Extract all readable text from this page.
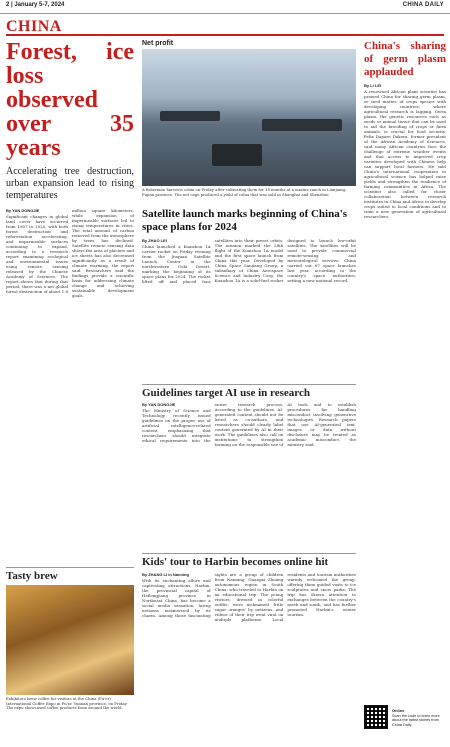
2 | January 5-7, 2024	CHINA DAILY
CHINA
Forest, ice loss observed over 35 years
Accelerating tree destruction, urban expansion lead to rising temperatures
By YAN DONGJIE

Significant changes in global land cover have occurred from 1987 to 2020, with both forest destruction and reforestation accelerating, and impermeable surfaces continuing to expand, according to a research report examining ecological and environmental issues using remote sensing released by the Chinese Academy of Sciences. The report shows that during that period, there was a net global forest destruction of about 1.8 million square kilometers, while expansion of impermeable surfaces led to rising temperatures in cities. The total amount of carbon removed from the atmosphere by trees has declined. Satellite remote sensing data shows the area of glaciers and ice sheets has also decreased significantly as a result of climate warming, the report said. Researchers said the findings provide a scientific basis for addressing climate change and achieving sustainable development goals.

Tasty brew
Exhibitors brew coffee for visitors at the China (Pu'er) International Coffee Expo in Pu'er, Yunnan province, on Friday. The expo showcased coffee products from around the world.
Net profit
A fisherman harvests cobia on Friday after cultivating them for 18 months at a marine ranch in Lianjiang, Fujian province. The net cage produced a yield of cobia that was sold in Shanghai and Shenzhen.
Satellite launch marks beginning of China's space plans for 2024
By ZHAO LEI

China launched a Kuaizhou 1A carrier rocket on Friday evening from the Jiuquan Satellite Launch Center in the northwestern Gobi Desert, marking the beginning of its space plans for 2024. The rocket lifted off and placed four satellites into their preset orbits. The mission marked the 28th flight of the Kuaizhou 1A model and the first space launch from China this year. Developed by China Space Sanjiang Group, a subsidiary of China Aerospace Science and Industry Corp, the Kuaizhou 1A is a solid-fuel rocket designed to launch low-orbit satellites. The satellites will be used to provide commercial remote-sensing and meteorological services. China carried out 67 space launches last year, according to the country's space authorities, setting a new national record.

Guidelines target AI use in research
By YAN DONGJIE

The Ministry of Science and Technology recently issued guidelines on the proper use of artificial intelligence-related content, emphasizing that researchers should integrate ethical requirements into the entire research process. According to the guidelines, AI-generated content should not be listed as co-authors, and researchers should clearly label content generated by AI in their work. The guidelines also call on institutions to strengthen training on the responsible use of AI tools and to establish procedures for handling misconduct involving generative technologies. Research papers that use AI-generated text, images or data without disclosure may be treated as academic misconduct, the ministry said.

Kids' tour to Harbin becomes online hit
By ZHANG LI in Nanning

With its enchanting allure and captivating attractions, Harbin, the provincial capital of Heilongjiang province in Northeast China, has become a social media sensation, luring netizens mesmerized by its charm. Among those fascinating sights are a group of children from Nanning, Guangxi Zhuang autonomous region in South China, who traveled to Harbin on an educational trip. The young visitors, dressed in colorful outfits, were nicknamed 'little sugar oranges' by netizens, and videos of their trip went viral on multiple platforms. Local residents and tourism authorities warmly welcomed the group, offering them guided visits to ice sculptures and snow parks. The trip has drawn attention to exchanges between the country's north and south, and has further promoted Harbin's winter tourism.

China's sharing of germ plasm applauded
By LI LEI

A renowned African plant scientist has praised China for sharing germ plasm, or seed matter, of crops species with developing countries, where agricultural research is lagging. Germ plasm, the genetic resources such as seeds or animal tissue that can be used to aid the breeding of crops or farm animals, is crucial for food security. Felix Dapare Dakora, former president of the African Academy of Sciences, said many African countries face the challenge of extreme weather events and that access to improved crop varieties developed with Chinese help can support local farmers. He said China's international cooperation in agricultural science has helped raise yields and strengthen the resilience of farming communities in Africa. The scientist also called for closer collaboration between research institutes in China and Africa to develop crops suited to local conditions and to train a new generation of agricultural researchers.

Online
Scan the code to learn more about the latest stories from China Daily.
